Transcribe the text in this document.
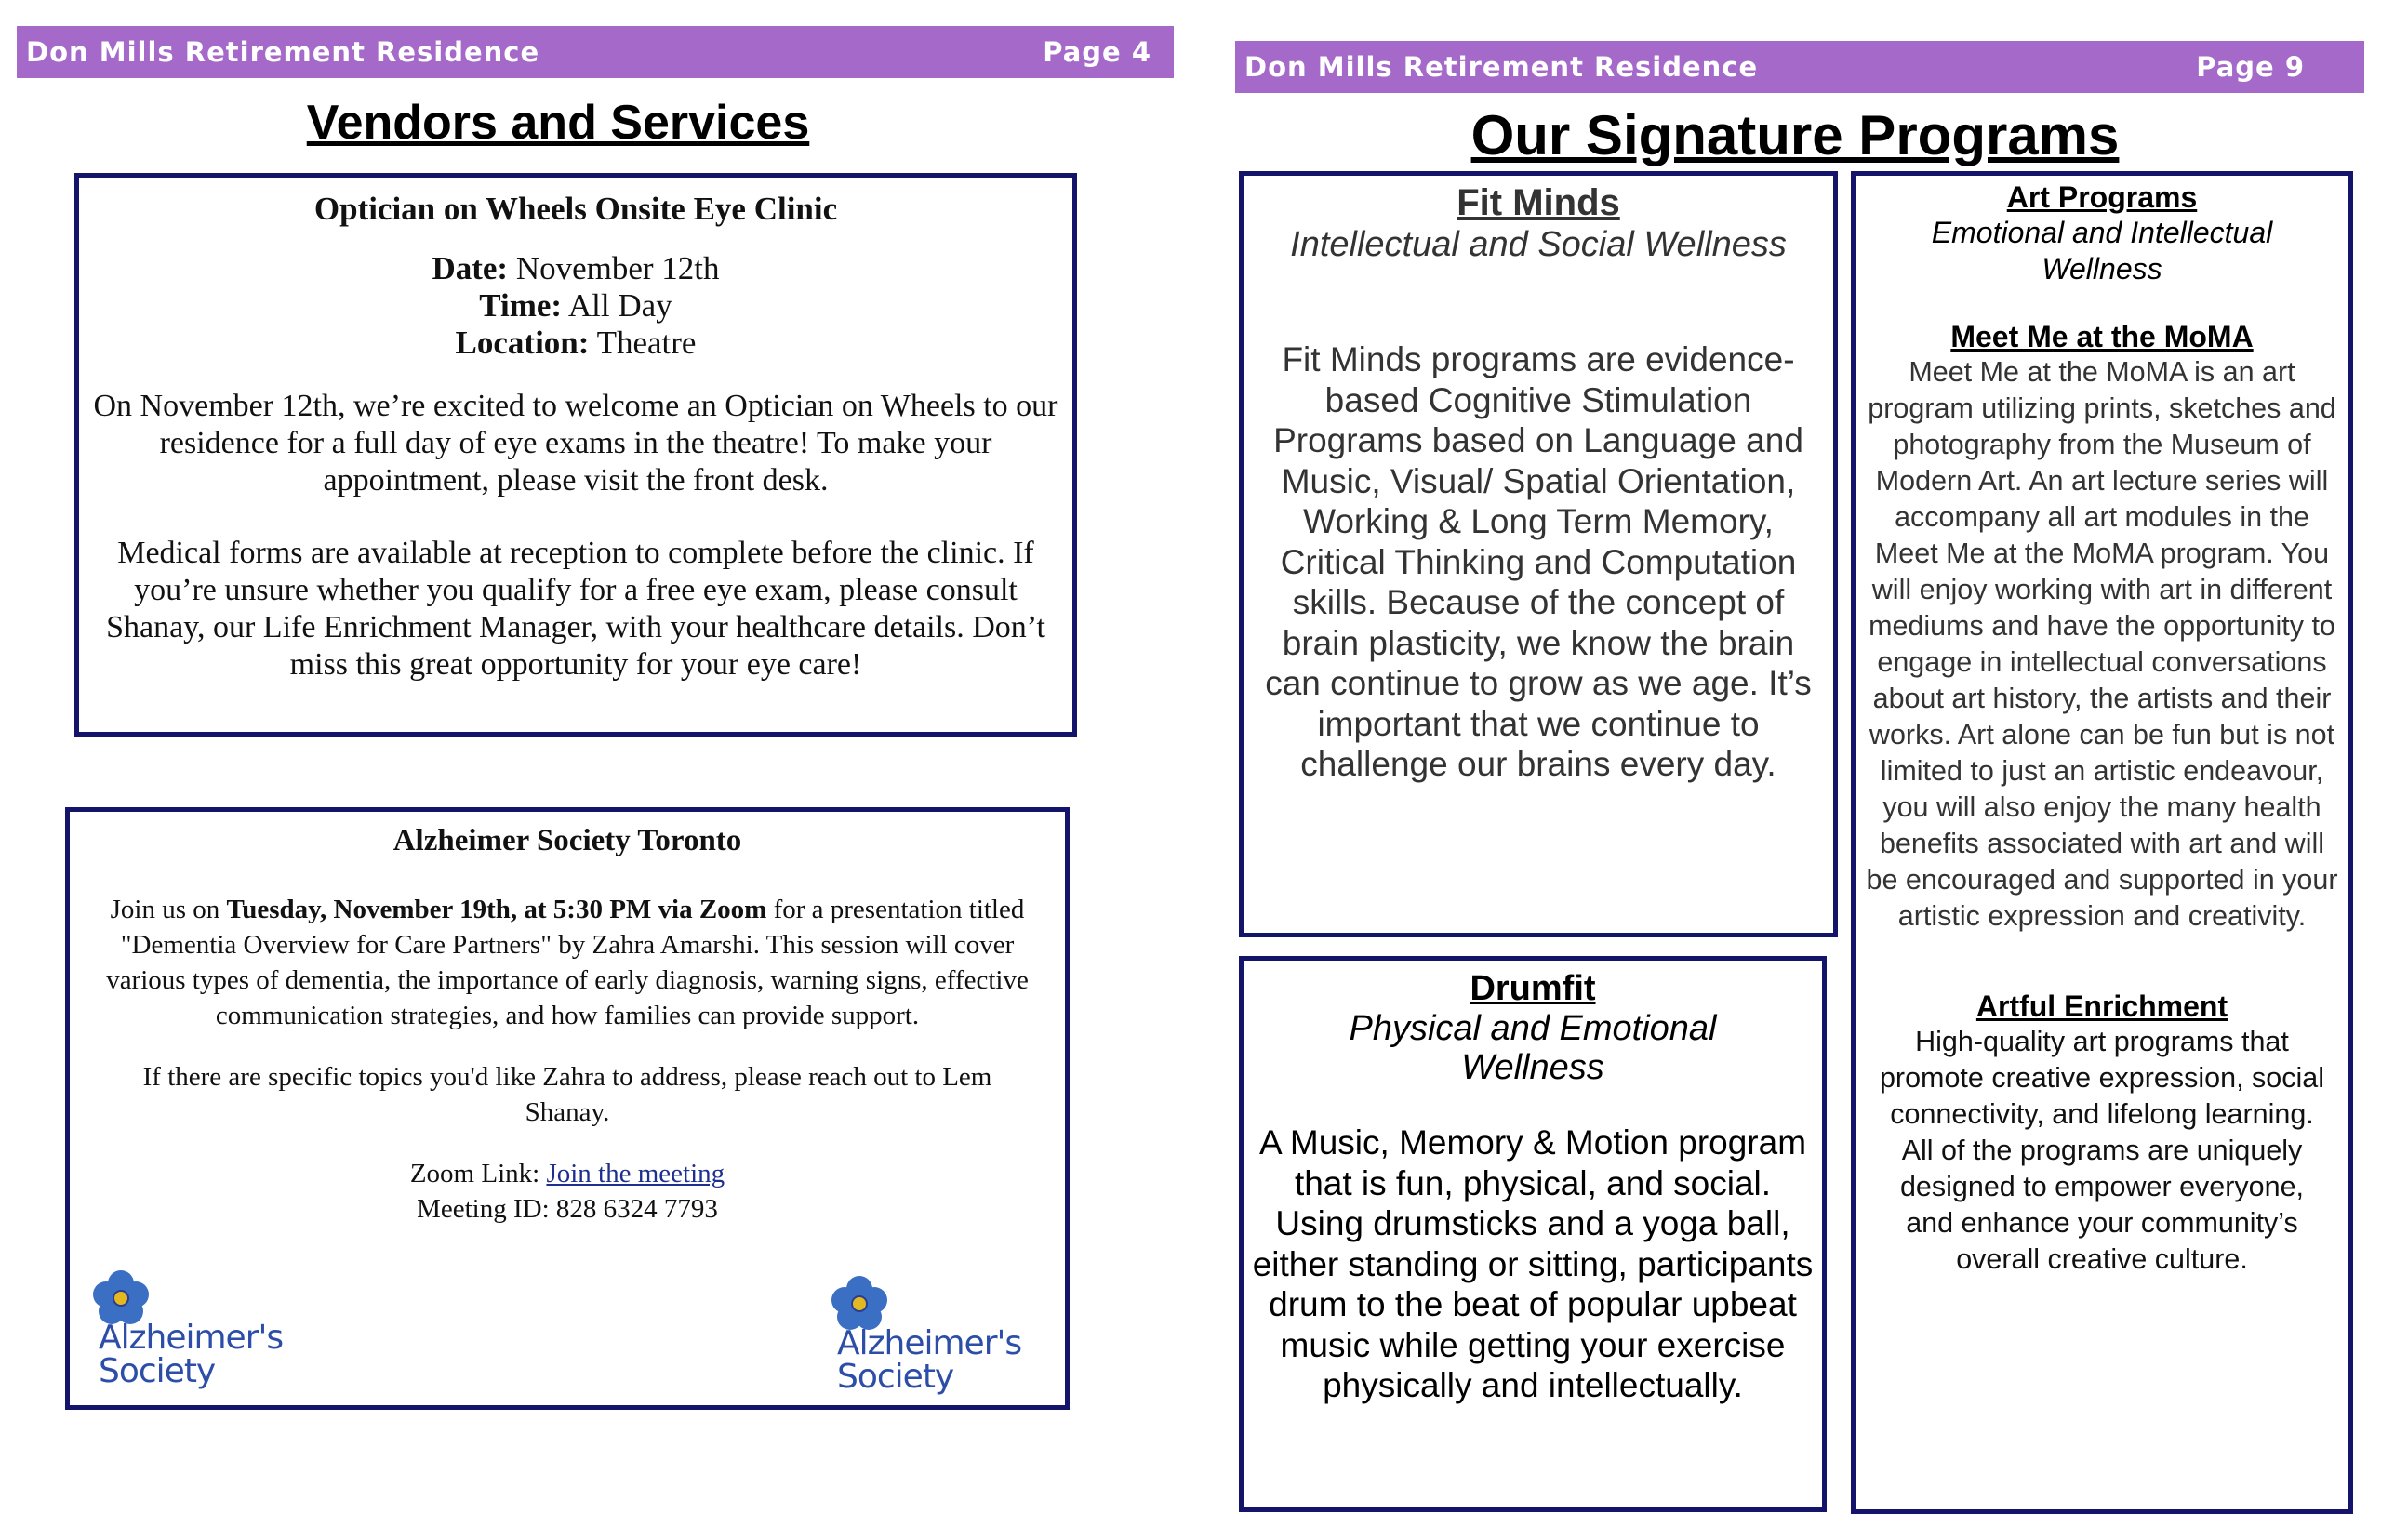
Don Mills Retirement Residence	Page 4
Vendors and Services

Optician on Wheels Onsite Eye Clinic

Date: November 12th

Time: All Day

Location: Theatre

On November 12th, we’re excited to welcome an Optician on Wheels to our residence for a full day of eye exams in the theatre! To make your appointment, please visit the front desk.

Medical forms are available at reception to complete before the clinic. If you’re unsure whether you qualify for a free eye exam, please consult Shanay, our Life Enrichment Manager, with your healthcare details. Don’t miss this great opportunity for your eye care!

Alzheimer Society Toronto

Join us on Tuesday, November 19th, at 5:30 PM via Zoom for a presentation titled "Dementia Overview for Care Partners" by Zahra Amarshi. This session will cover various types of dementia, the importance of early diagnosis, warning signs, effective communication strategies, and how families can provide support.

If there are specific topics you'd like Zahra to address, please reach out to Lem Shanay.

Zoom Link: Join the meeting

Meeting ID: 828 6324 7793

Alzheimer's
Society
Alzheimer's
Society
Don Mills Retirement Residence	Page 9
Our Signature Programs

Fit Minds

Intellectual and Social Wellness

Fit Minds programs are evidence-based Cognitive Stimulation Programs based on Language and Music, Visual/ Spatial Orientation, Working & Long Term Memory, Critical Thinking and Computation skills. Because of the concept of brain plasticity, we know the brain can continue to grow as we age. It’s important that we continue to challenge our brains every day.

Drumfit

Physical and Emotional Wellness

A Music, Memory & Motion program that is fun, physical, and social. Using drumsticks and a yoga ball, either standing or sitting, participants drum to the beat of popular upbeat music while getting your exercise physically and intellectually.

Art Programs

Emotional and Intellectual Wellness

Meet Me at the MoMA

Meet Me at the MoMA is an art program utilizing prints, sketches and photography from the Museum of Modern Art. An art lecture series will accompany all art modules in the Meet Me at the MoMA program. You will enjoy working with art in different mediums and have the opportunity to engage in intellectual conversations about art history, the artists and their works. Art alone can be fun but is not limited to just an artistic endeavour, you will also enjoy the many health benefits associated with art and will be encouraged and supported in your artistic expression and creativity.

Artful Enrichment

High-quality art programs that promote creative expression, social connectivity, and lifelong learning. All of the programs are uniquely designed to empower everyone, and enhance your community’s overall creative culture.
